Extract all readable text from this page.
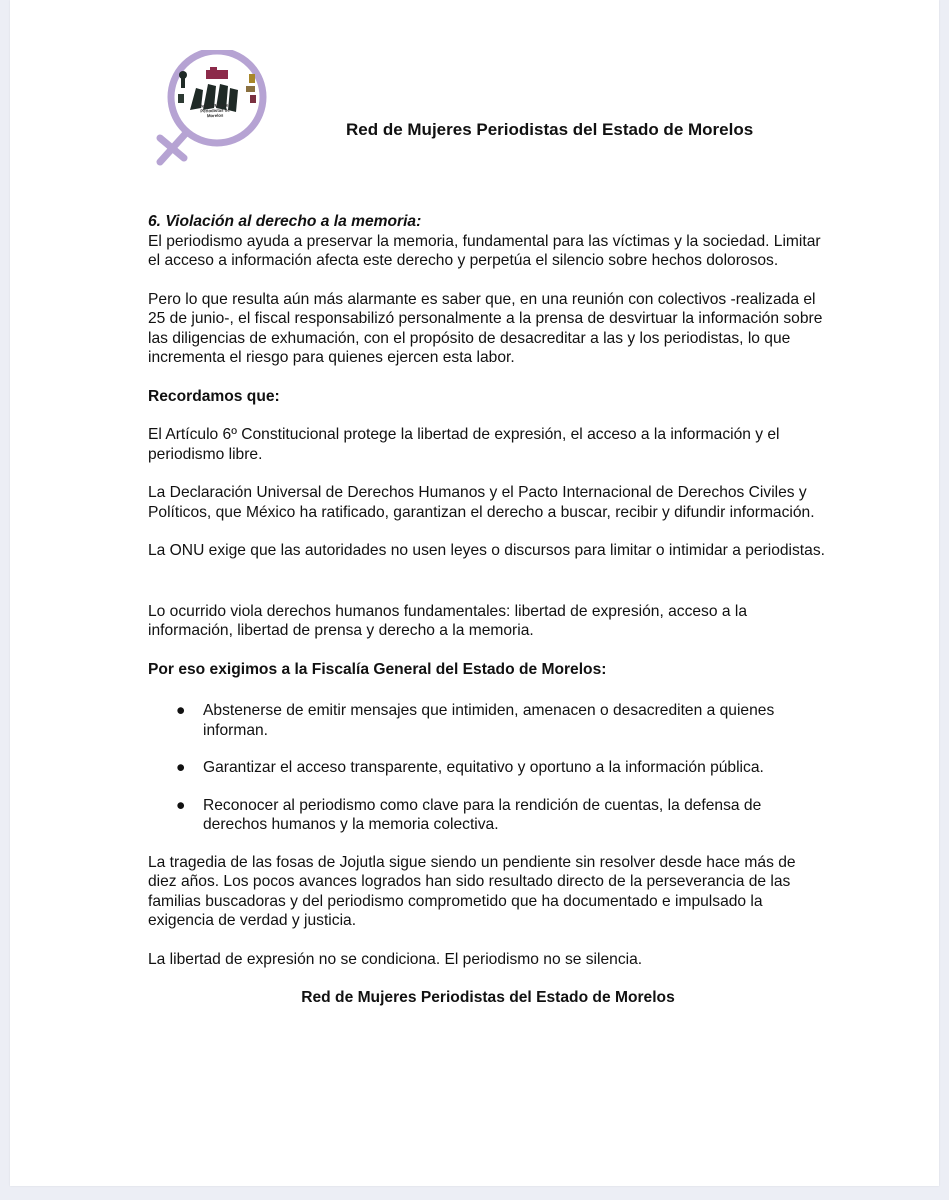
Red de Mujeres Periodistas de Morelos
Red de Mujeres Periodistas del Estado de Morelos

6. Violación al derecho a la memoria:

El periodismo ayuda a preservar la memoria, fundamental para las víctimas y la sociedad. Limitar el acceso a información afecta este derecho y perpetúa el silencio sobre hechos dolorosos.

Pero lo que resulta aún más alarmante es saber que, en una reunión con colectivos -realizada el 25 de junio-, el fiscal responsabilizó personalmente a la prensa de desvirtuar la información sobre las diligencias de exhumación, con el propósito de desacreditar a las y los periodistas, lo que incrementa el riesgo para quienes ejercen esta labor.

Recordamos que:

El Artículo 6º Constitucional protege la libertad de expresión, el acceso a la información y el periodismo libre.

La Declaración Universal de Derechos Humanos y el Pacto Internacional de Derechos Civiles y Políticos, que México ha ratificado, garantizan el derecho a buscar, recibir y difundir información.

La ONU exige que las autoridades no usen leyes o discursos para limitar o intimidar a periodistas.

Lo ocurrido viola derechos humanos fundamentales: libertad de expresión, acceso a la información, libertad de prensa y derecho a la memoria.

Por eso exigimos a la Fiscalía General del Estado de Morelos:

● Abstenerse de emitir mensajes que intimiden, amenacen o desacrediten a quienes informan.
● Garantizar el acceso transparente, equitativo y oportuno a la información pública.
● Reconocer al periodismo como clave para la rendición de cuentas, la defensa de derechos humanos y la memoria colectiva.

La tragedia de las fosas de Jojutla sigue siendo un pendiente sin resolver desde hace más de diez años. Los pocos avances logrados han sido resultado directo de la perseverancia de las familias buscadoras y del periodismo comprometido que ha documentado e impulsado la exigencia de verdad y justicia.

La libertad de expresión no se condiciona. El periodismo no se silencia.

Red de Mujeres Periodistas del Estado de Morelos
